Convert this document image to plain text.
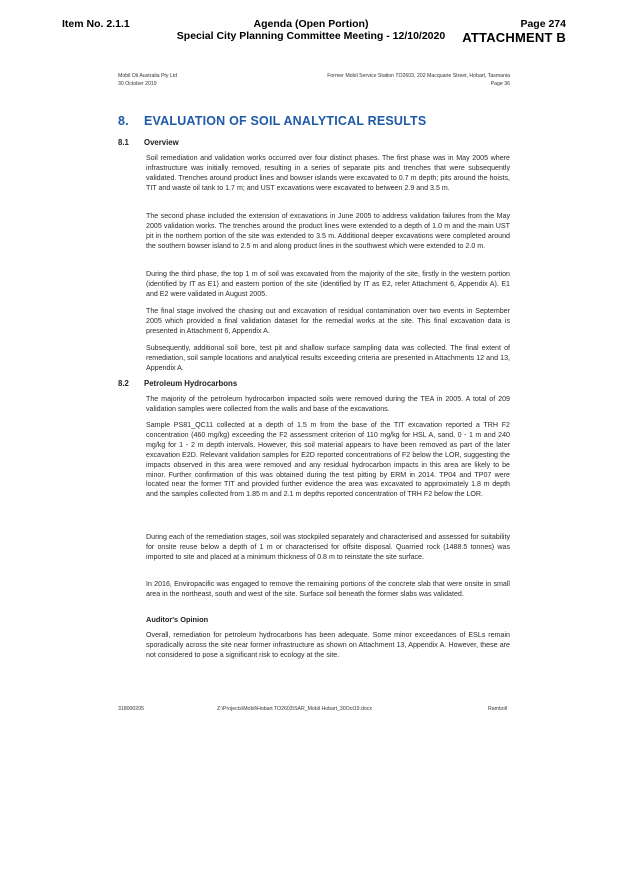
Item No. 2.1.1	Agenda (Open Portion)
Special City Planning Committee Meeting - 12/10/2020
Page 274
ATTACHMENT B
Mobil Oil Australia Pty Ltd
30 October 2019
Former Mobil Service Station TO2603, 202 Macquarie Street, Hobart, Tasmania
Page 36
8. EVALUATION OF SOIL ANALYTICAL RESULTS
8.1 Overview
Soil remediation and validation works occurred over four distinct phases. The first phase was in May 2005 where infrastructure was initially removed, resulting in a series of separate pits and trenches that were subsequently validated. Trenches around product lines and bowser islands were excavated to 0.7 m depth; pits around the hoists, TIT and waste oil tank to 1.7 m; and UST excavations were excavated to between 2.9 and 3.5 m.
The second phase included the extension of excavations in June 2005 to address validation failures from the May 2005 validation works. The trenches around the product lines were extended to a depth of 1.0 m and the main UST pit in the northern portion of the site was extended to 3.5 m. Additional deeper excavations were completed around the southern bowser island to 2.5 m and along product lines in the southwest which were extended to 2.0 m.
During the third phase, the top 1 m of soil was excavated from the majority of the site, firstly in the western portion (identified by IT as E1) and eastern portion of the site (identified by IT as E2, refer Attachment 6, Appendix A). E1 and E2 were validated in August 2005.
The final stage involved the chasing out and excavation of residual contamination over two events in September 2005 which provided a final validation dataset for the remedial works at the site. This final excavation data is presented in Attachment 6, Appendix A.
Subsequently, additional soil bore, test pit and shallow surface sampling data was collected. The final extent of remediation, soil sample locations and analytical results exceeding criteria are presented in Attachments 12 and 13, Appendix A.
8.2 Petroleum Hydrocarbons
The majority of the petroleum hydrocarbon impacted soils were removed during the TEA in 2005. A total of 209 validation samples were collected from the walls and base of the excavations.
Sample PS81_QC11 collected at a depth of 1.5 m from the base of the TIT excavation reported a TRH F2 concentration (460 mg/kg) exceeding the F2 assessment criterion of 110 mg/kg for HSL A, sand, 0 - 1 m and 240 mg/kg for 1 - 2 m depth intervals. However, this soil material appears to have been removed as part of the later excavation E2D. Relevant validation samples for E2D reported concentrations of F2 below the LOR, suggesting the impacts observed in this area were removed and any residual hydrocarbon impacts in this area are likely to be minor. Further confirmation of this was obtained during the test pitting by ERM in 2014. TP04 and TP07 were located near the former TIT and provided further evidence the area was excavated to approximately 1.8 m depth and the samples collected from 1.85 m and 2.1 m depths reported concentration of TRH F2 below the LOR.
During each of the remediation stages, soil was stockpiled separately and characterised and assessed for suitability for onsite reuse below a depth of 1 m or characterised for offsite disposal. Quarried rock (1488.5 tonnes) was imported to site and placed at a minimum thickness of 0.8 m to reinstate the site surface.
In 2016, Enviropacific was engaged to remove the remaining portions of the concrete slab that were onsite in small area in the northeast, south and west of the site. Surface soil beneath the former slabs was validated.
Auditor's Opinion
Overall, remediation for petroleum hydrocarbons has been adequate. Some minor exceedances of ESLs remain sporadically across the site near former infrastructure as shown on Attachment 13, Appendix A. However, these are not considered to pose a significant risk to ecology at the site.
318000205	Z:\Projects\Mobil\Hobart TO2603\SAR_Mobil Hobart_30Oct19.docx	Ramboll
